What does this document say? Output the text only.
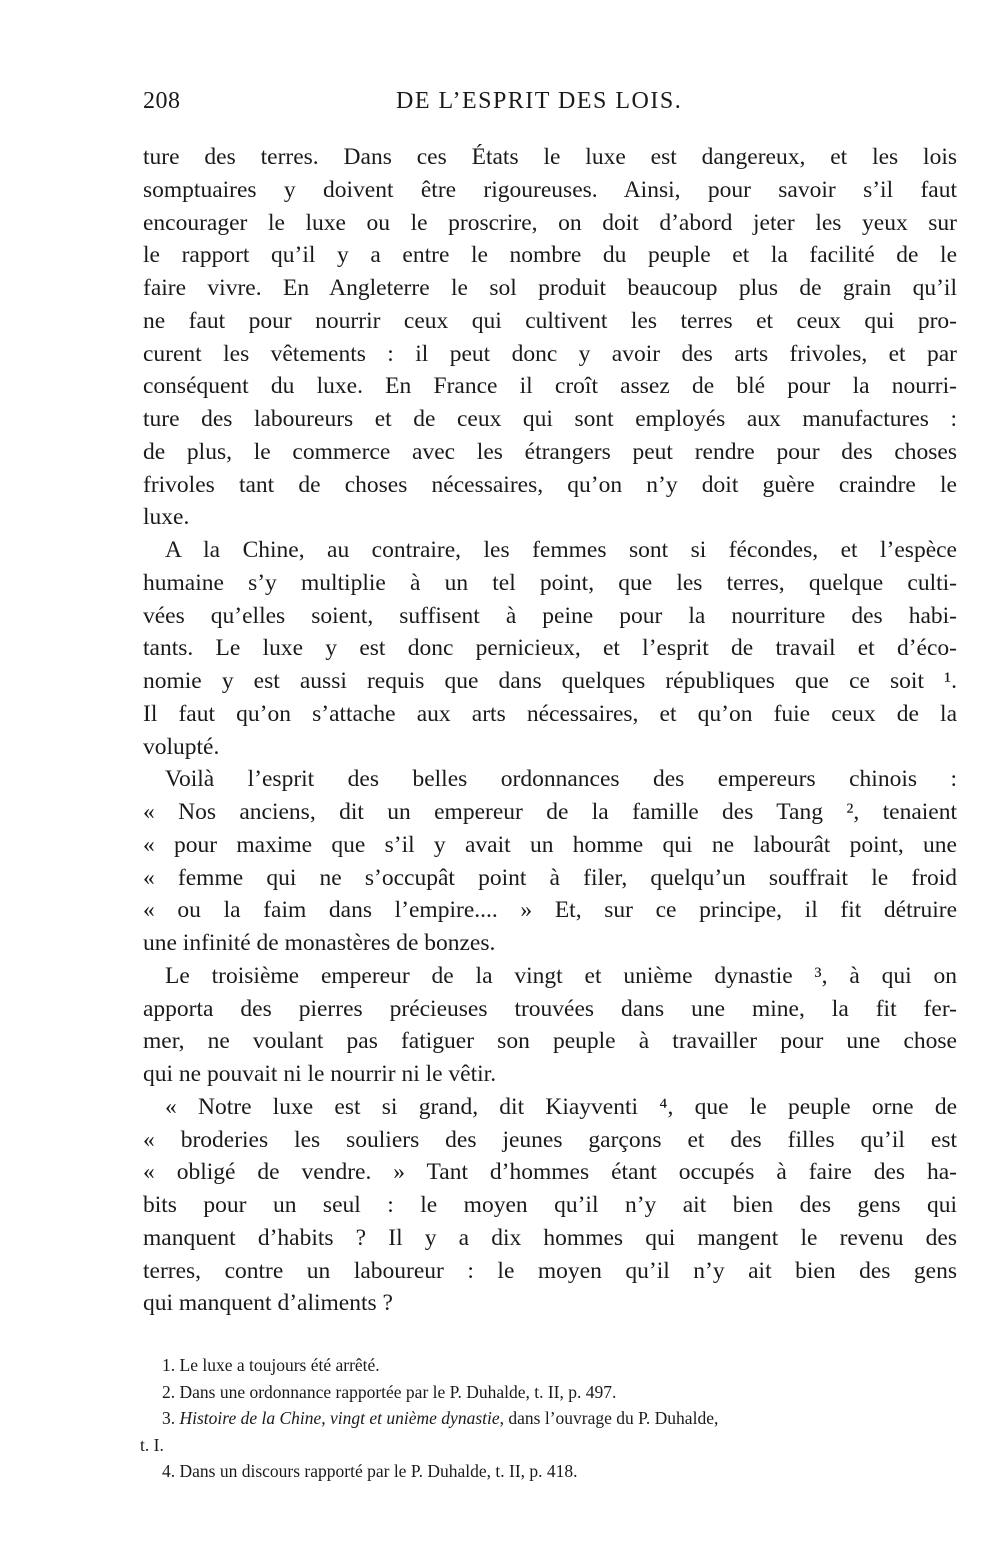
208	DE L’ESPRIT DES LOIS.
ture des terres. Dans ces États le luxe est dangereux, et les lois
somptuaires y doivent être rigoureuses. Ainsi, pour savoir s’il faut
encourager le luxe ou le proscrire, on doit d’abord jeter les yeux sur
le rapport qu’il y a entre le nombre du peuple et la facilité de le
faire vivre. En Angleterre le sol produit beaucoup plus de grain qu’il
ne faut pour nourrir ceux qui cultivent les terres et ceux qui pro-
curent les vêtements : il peut donc y avoir des arts frivoles, et par
conséquent du luxe. En France il croît assez de blé pour la nourri-
ture des laboureurs et de ceux qui sont employés aux manufactures :
de plus, le commerce avec les étrangers peut rendre pour des choses
frivoles tant de choses nécessaires, qu’on n’y doit guère craindre le
luxe.
A la Chine, au contraire, les femmes sont si fécondes, et l’espèce
humaine s’y multiplie à un tel point, que les terres, quelque culti-
vées qu’elles soient, suffisent à peine pour la nourriture des habi-
tants. Le luxe y est donc pernicieux, et l’esprit de travail et d’éco-
nomie y est aussi requis que dans quelques républiques que ce soit ¹.
Il faut qu’on s’attache aux arts nécessaires, et qu’on fuie ceux de la
volupté.
Voilà l’esprit des belles ordonnances des empereurs chinois :
« Nos anciens, dit un empereur de la famille des Tang ², tenaient
« pour maxime que s’il y avait un homme qui ne labourât point, une
« femme qui ne s’occupât point à filer, quelqu’un souffrait le froid
« ou la faim dans l’empire.... » Et, sur ce principe, il fit détruire
une infinité de monastères de bonzes.
Le troisième empereur de la vingt et unième dynastie ³, à qui on
apporta des pierres précieuses trouvées dans une mine, la fit fer-
mer, ne voulant pas fatiguer son peuple à travailler pour une chose
qui ne pouvait ni le nourrir ni le vêtir.
« Notre luxe est si grand, dit Kiayventi ⁴, que le peuple orne de
« broderies les souliers des jeunes garçons et des filles qu’il est
« obligé de vendre. » Tant d’hommes étant occupés à faire des ha-
bits pour un seul : le moyen qu’il n’y ait bien des gens qui
manquent d’habits ? Il y a dix hommes qui mangent le revenu des
terres, contre un laboureur : le moyen qu’il n’y ait bien des gens
qui manquent d’aliments ?
1. Le luxe a toujours été arrêté.
2. Dans une ordonnance rapportée par le P. Duhalde, t. II, p. 497.
3. Histoire de la Chine, vingt et unième dynastie, dans l’ouvrage du P. Duhalde,
t. I.
4. Dans un discours rapporté par le P. Duhalde, t. II, p. 418.
